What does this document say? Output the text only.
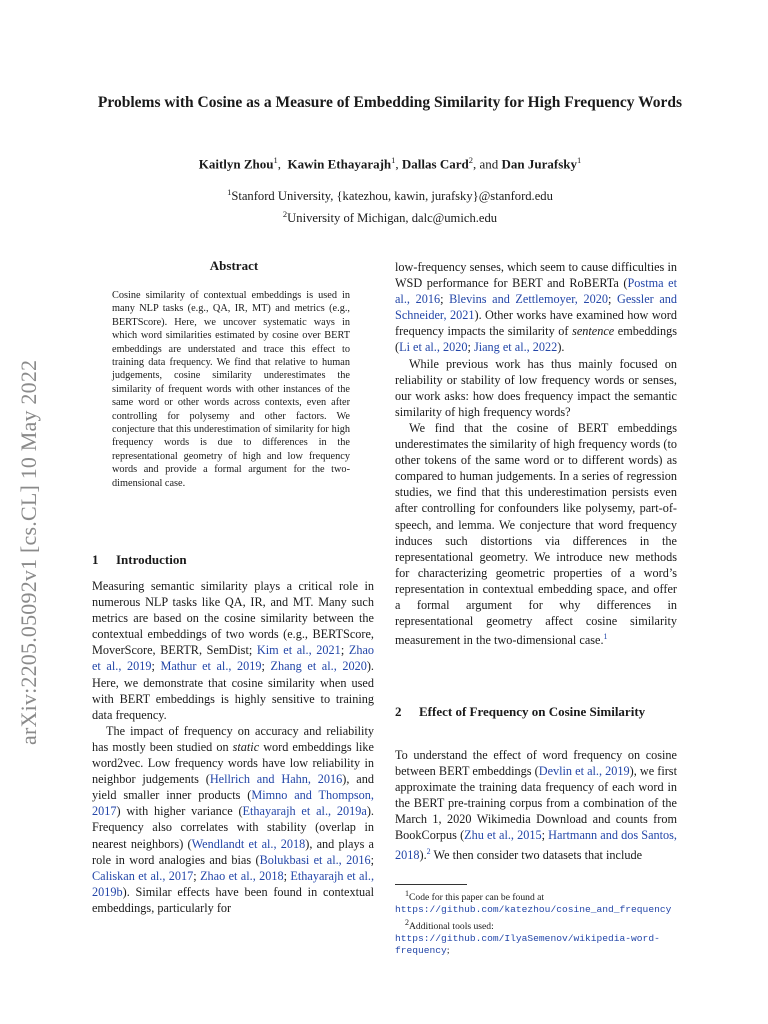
arXiv:2205.05092v1 [cs.CL] 10 May 2022
Problems with Cosine as a Measure of Embedding Similarity for High Frequency Words
Kaitlyn Zhou$^1$,  Kawin Ethayarajh$^1$, Dallas Card$^2$, and Dan Jurafsky$^1$
$^1$Stanford University, {katezhou, kawin, jurafsky}@stanford.edu
$^2$University of Michigan, dalc@umich.edu
Abstract
Cosine similarity of contextual embeddings is used in many NLP tasks (e.g., QA, IR, MT) and metrics (e.g., BERTScore). Here, we uncover systematic ways in which word similarities estimated by cosine over BERT embeddings are understated and trace this effect to training data frequency. We find that relative to human judgements, cosine similarity underestimates the similarity of frequent words with other instances of the same word or other words across contexts, even after controlling for polysemy and other factors. We conjecture that this underestimation of similarity for high frequency words is due to differences in the representational geometry of high and low frequency words and provide a formal argument for the two-dimensional case.
1 Introduction

Measuring semantic similarity plays a critical role in numerous NLP tasks like QA, IR, and MT. Many such metrics are based on the cosine similarity between the contextual embeddings of two words (e.g., BERTScore, MoverScore, BERTR, SemDist; Kim et al., 2021; Zhao et al., 2019; Mathur et al., 2019; Zhang et al., 2020). Here, we demonstrate that cosine similarity when used with BERT embeddings is highly sensitive to training data frequency.

The impact of frequency on accuracy and reliability has mostly been studied on static word embeddings like word2vec. Low frequency words have low reliability in neighbor judgements (Hellrich and Hahn, 2016), and yield smaller inner products (Mimno and Thompson, 2017) with higher variance (Ethayarajh et al., 2019a). Frequency also correlates with stability (overlap in nearest neighbors) (Wendlandt et al., 2018), and plays a role in word analogies and bias (Bolukbasi et al., 2016; Caliskan et al., 2017; Zhao et al., 2018; Ethayarajh et al., 2019b). Similar effects have been found in contextual embeddings, particularly for

low-frequency senses, which seem to cause difficulties in WSD performance for BERT and RoBERTa (Postma et al., 2016; Blevins and Zettlemoyer, 2020; Gessler and Schneider, 2021). Other works have examined how word frequency impacts the similarity of sentence embeddings (Li et al., 2020; Jiang et al., 2022).

While previous work has thus mainly focused on reliability or stability of low frequency words or senses, our work asks: how does frequency impact the semantic similarity of high frequency words?

We find that the cosine of BERT embeddings underestimates the similarity of high frequency words (to other tokens of the same word or to different words) as compared to human judgements. In a series of regression studies, we find that this underestimation persists even after controlling for confounders like polysemy, part-of-speech, and lemma. We conjecture that word frequency induces such distortions via differences in the representational geometry. We introduce new methods for characterizing geometric properties of a word’s representation in contextual embedding space, and offer a formal argument for why differences in representational geometry affect cosine similarity measurement in the two-dimensional case.$^1$

2	Effect of Frequency on Cosine Similarity

To understand the effect of word frequency on cosine between BERT embeddings (Devlin et al., 2019), we first approximate the training data frequency of each word in the BERT pre-training corpus from a combination of the March 1, 2020 Wikimedia Download and counts from BookCorpus (Zhu et al., 2015; Hartmann and dos Santos, 2018).$^2$ We then consider two datasets that include

$^1$Code for this paper can be found at https://github.com/katezhou/cosine_and_frequency

$^2$Additional tools used: https://github.com/IlyaSemenov/wikipedia-word-frequency;
